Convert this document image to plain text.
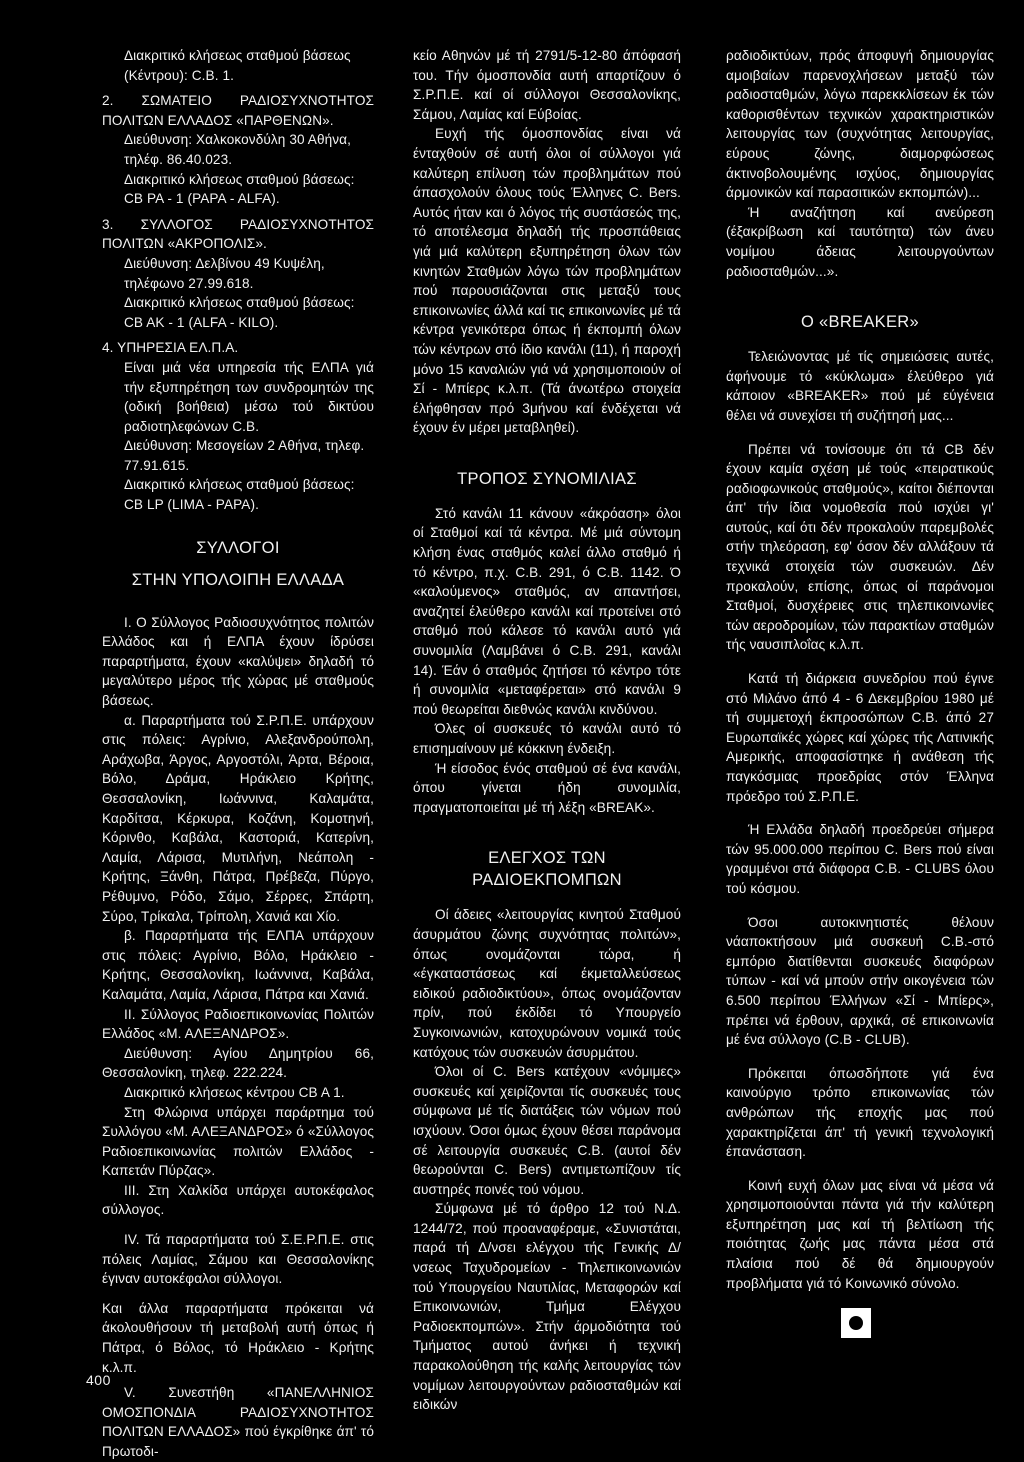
Διακριτικό κλήσεως σταθμού βάσεως (Κέντρου): C.B. 1.

2. ΣΩΜΑΤΕΙΟ ΡΑΔΙΟΣΥΧΝΟΤΗΤΟΣ ΠΟΛΙΤΩΝ ΕΛΛΑΔΟΣ «ΠΑΡΘΕΝΩΝ».

Διεύθυνση: Χαλκοκονδύλη 30 Αθήνα, τηλέφ. 86.40.023.

Διακριτικό κλήσεως σταθμού βάσεως: CB PA - 1 (PAPA - ALFA).

3. ΣΥΛΛΟΓΟΣ ΡΑΔΙΟΣΥΧΝΟΤΗΤΟΣ ΠΟΛΙΤΩΝ «ΑΚΡΟΠΟΛΙΣ».

Διεύθυνση: Δελβίνου 49 Κυψέλη, τηλέφωνο 27.99.618.

Διακριτικό κλήσεως σταθμού βάσεως: CB AK - 1 (ALFA - KILO).

4. ΥΠΗΡΕΣΙΑ ΕΛ.Π.Α.

Είναι μιά νέα υπηρεσία τής ΕΛΠΑ γιά τήν εξυπηρέτηση των συνδρομητών της (οδική βοήθεια) μέσω τού δικτύου ραδιοτηλεφώνων C.B.

Διεύθυνση: Μεσογείων 2 Αθήνα, τηλεφ. 77.91.615.

Διακριτικό κλήσεως σταθμού βάσεως: CB LP (LIMA - PAPA).

ΣΥΛΛΟΓΟΙ

ΣΤΗΝ ΥΠΟΛΟΙΠΗ ΕΛΛΑΔΑ

I. Ο Σύλλογος Ραδιοσυχνότητος πολιτών Ελλάδος και ή ΕΛΠΑ έχουν ίδρύσει παραρτήματα, έχουν «καλύψει» δηλαδή τό μεγαλύτερο μέρος τής χώρας μέ σταθμούς βάσεως.

α. Παραρτήματα τού Σ.Ρ.Π.Ε. υπάρχουν στις πόλεις: Αγρίνιο, Αλεξανδρούπολη, Αράχωβα, Άργος, Αργοστόλι, Άρτα, Βέροια, Βόλο, Δράμα, Ηράκλειο Κρήτης, Θεσσαλονίκη, Ιωάννινα, Καλαμάτα, Καρδίτσα, Κέρκυρα, Κοζάνη, Κομοτηνή, Κόρινθο, Καβάλα, Καστοριά, Κατερίνη, Λαμία, Λάρισα, Μυτιλήνη, Νεάπολη - Κρήτης, Ξάνθη, Πάτρα, Πρέβεζα, Πύργο, Ρέθυμνο, Ρόδο, Σάμο, Σέρρες, Σπάρτη, Σύρο, Τρίκαλα, Τρίπολη, Χανιά και Χίο.

β. Παραρτήματα τής ΕΛΠΑ υπάρχουν στις πόλεις: Αγρίνιο, Βόλο, Ηράκλειο - Κρήτης, Θεσσαλονίκη, Ιωάννινα, Καβάλα, Καλαμάτα, Λαμία, Λάρισα, Πάτρα και Χανιά.

II. Σύλλογος Ραδιοεπικοινωνίας Πολιτών Ελλάδος «Μ. ΑΛΕΞΑΝΔΡΟΣ».

Διεύθυνση: Αγίου Δημητρίου 66, Θεσσαλονίκη, τηλεφ. 222.224.

Διακριτικό κλήσεως κέντρου CB A 1.

Στη Φλώρινα υπάρχει παράρτημα τού Συλλόγου «Μ. ΑΛΕΞΑΝΔΡΟΣ» ό «Σύλλογος Ραδιοεπικοινωνίας πολιτών Ελλάδος - Καπετάν Πύρζας».

III. Στη Χαλκίδα υπάρχει αυτοκέφαλος σύλλογος.

IV. Τά παραρτήματα τού Σ.Ε.Ρ.Π.Ε. στις πόλεις Λαμίας, Σάμου και Θεσσαλονίκης έγιναν αυτοκέφαλοι σύλλογοι.

Και άλλα παραρτήματα πρόκειται νά άκολουθήσουν τή μεταβολή αυτή όπως ή Πάτρα, ό Βόλος, τό Ηράκλειο - Κρήτης κ.λ.π.

V. Συνεστήθη «ΠΑΝΕΛΛΗΝΙΟΣ ΟΜΟΣΠΟΝΔΙΑ ΡΑΔΙΟΣΥΧΝΟΤΗΤΟΣ ΠΟΛΙΤΩΝ ΕΛΛΑΔΟΣ» πού έγκρίθηκε άπ' τό Πρωτοδι-

κείο Αθηνών μέ τή 2791/5-12-80 άπόφασή του. Τήν όμοσπονδία αυτή απαρτίζουν ό Σ.Ρ.Π.Ε. καί οί σύλλογοι Θεσσαλονίκης, Σάμου, Λαμίας καί Εύβοίας.

Ευχή τής όμοσπονδίας είναι νά ένταχθούν σέ αυτή όλοι οί σύλλογοι γιά καλύτερη επίλυση τών προβλημάτων πού άπασχολούν όλους τούς Έλληνες C. Bers. Αυτός ήταν και ό λόγος τής συστάσεώς της, τό αποτέλεσμα δηλαδή τής προσπάθειας γιά μιά καλύτερη εξυπηρέτηση όλων τών κινητών Σταθμών λόγω τών προβλημάτων πού παρουσιάζονται στις μεταξύ τους επικοινωνίες άλλά καί τις επικοινωνίες μέ τά κέντρα γενικότερα όπως ή έκπομπή όλων τών κέντρων στό ίδιο κανάλι (11), ή παροχή μόνο 15 καναλιών γιά νά χρησιμοποιούν οί Σί - Μπίερς κ.λ.π. (Τά άνωτέρω στοιχεία έλήφθησαν πρό 3μήνου καί ένδέχεται νά έχουν έν μέρει μεταβληθεί).

ΤΡΟΠΟΣ ΣΥΝΟΜΙΛΙΑΣ

Στό κανάλι 11 κάνουν «άκρόαση» όλοι οί Σταθμοί καί τά κέντρα. Μέ μιά σύντομη κλήση ένας σταθμός καλεί άλλο σταθμό ή τό κέντρο, π.χ. C.B. 291, ό C.B. 1142. Ό «καλούμενος» σταθμός, αν απαντήσει, αναζητεί έλεύθερο κανάλι καί προτείνει στό σταθμό πού κάλεσε τό κανάλι αυτό γιά συνομιλία (Λαμβάνει ό C.B. 291, κανάλι 14). Έάν ό σταθμός ζητήσει τό κέντρο τότε ή συνομιλία «μεταφέρεται» στό κανάλι 9 πού θεωρείται διεθνώς κανάλι κινδύνου.

Όλες οί συσκευές τό κανάλι αυτό τό επισημαίνουν μέ κόκκινη ένδειξη.

Ή είσοδος ένός σταθμού σέ ένα κανάλι, όπου γίνεται ήδη συνομιλία, πραγματοποιείται μέ τή λέξη «BREAK».

ΕΛΕΓΧΟΣ ΤΩΝ ΡΑΔΙΟΕΚΠΟΜΠΩΝ

Οί άδειες «λειτουργίας κινητού Σταθμού άσυρμάτου ζώνης συχνότητας πολιτών», όπως ονομάζονται τώρα, ή «έγκαταστάσεως καί έκμεταλλεύσεως ειδικού ραδιοδικτύου», όπως ονομάζονταν πρίν, πού έκδίδει τό Υπουργείο Συγκοινωνιών, κατοχυρώνουν νομικά τούς κατόχους τών συσκευών άσυρμάτου.

Όλοι οί C. Bers κατέχουν «νόμιμες» συσκευές καί χειρίζονται τίς συσκευές τους σύμφωνα μέ τίς διατάξεις τών νόμων πού ισχύουν. Όσοι όμως έχουν θέσει παράνομα σέ λειτουργία συσκευές C.B. (αυτοί δέν θεωρούνται C. Bers) αντιμετωπίζουν τίς αυστηρές ποινές τού νόμου.

Σύμφωνα μέ τό άρθρο 12 τού Ν.Δ. 1244/72, πού προαναφέραμε, «Συνιστάται, παρά τή Δ/νσει ελέγχου τής Γενικής Δ/νσεως Ταχυδρομείων - Τηλεπικοινωνιών τού Υπουργείου Ναυτιλίας, Μεταφορών καί Επικοινωνιών, Τμήμα Ελέγχου Ραδιοεκπομπών». Στήν άρμοδιότητα τού Τμήματος αυτού άνήκει ή τεχνική παρακολούθηση τής καλής λειτουργίας τών νομίμων λειτουργούντων ραδιοσταθμών καί ειδικών

ραδιοδικτύων, πρός άποφυγή δημιουργίας αμοιβαίων παρενοχλήσεων μεταξύ τών ραδιοσταθμών, λόγω παρεκκλίσεων έκ τών καθορισθέντων τεχνικών χαρακτηριστικών λειτουργίας των (συχνότητας λειτουργίας, εύρους ζώνης, διαμορφώσεως άκτινοβολουμένης ισχύος, δημιουργίας άρμονικών καί παρασιτικών εκπομπών)...

Ή αναζήτηση καί ανεύρεση (έξακρίβωση καί ταυτότητα) τών άνευ νομίμου άδειας λειτουργούντων ραδιοσταθμών...».

Ο «BREAKER»

Τελειώνοντας μέ τίς σημειώσεις αυτές, άφήνουμε τό «κύκλωμα» έλεύθερο γιά κάποιον «BREAKER» πού μέ εύγένεια θέλει νά συνεχίσει τή συζήτησή μας...

Πρέπει νά τονίσουμε ότι τά CB δέν έχουν καμία σχέση μέ τούς «πειρατικούς ραδιοφωνικούς σταθμούς», καίτοι διέπονται άπ' τήν ίδια νομοθεσία πού ισχύει γι' αυτούς, καί ότι δέν προκαλούν παρεμβολές στήν τηλεόραση, εφ' όσον δέν αλλάξουν τά τεχνικά στοιχεία τών συσκευών. Δέν προκαλούν, επίσης, όπως οί παράνομοι Σταθμοί, δυσχέρειες στις τηλεπικοινωνίες τών αεροδρομίων, τών παρακτίων σταθμών τής ναυσιπλοΐας κ.λ.π.

Κατά τή διάρκεια συνεδρίου πού έγινε στό Μιλάνο άπό 4 - 6 Δεκεμβρίου 1980 μέ τή συμμετοχή έκπροσώπων C.B. άπό 27 Ευρωπαϊκές χώρες καί χώρες τής Λατινικής Αμερικής, αποφασίστηκε ή ανάθεση τής παγκόσμιας προεδρίας στόν Έλληνα πρόεδρο τού Σ.Ρ.Π.Ε.

Ή Ελλάδα δηλαδή προεδρεύει σήμερα τών 95.000.000 περίπου C. Bers πού είναι γραμμένοι στά διάφορα C.B. - CLUBS όλου τού κόσμου.

Όσοι αυτοκινητιστές θέλουν νάαποκτήσουν μιά συσκευή C.B.-στό εμπόριο διατίθενται συσκευές διαφόρων τύπων - καί νά μπούν στήν οικογένεια τών 6.500 περίπου Έλλήνων «Σί - Μπίερς», πρέπει νά έρθουν, αρχικά, σέ επικοινωνία μέ ένα σύλλογο (C.B - CLUB).

Πρόκειται όπωσδήποτε γιά ένα καινούργιο τρόπο επικοινωνίας τών ανθρώπων τής εποχής μας πού χαρακτηρίζεται άπ' τή γενική τεχνολογική έπανάσταση.

Κοινή ευχή όλων μας είναι νά μέσα νά χρησιμοποιούνται πάντα γιά τήν καλύτερη εξυπηρέτηση μας καί τή βελτίωση τής ποιότητας ζωής μας πάντα μέσα στά πλαίσια πού δέ θά δημιουργούν προβλήματα γιά τό Κοινωνικό σύνολο.

400
